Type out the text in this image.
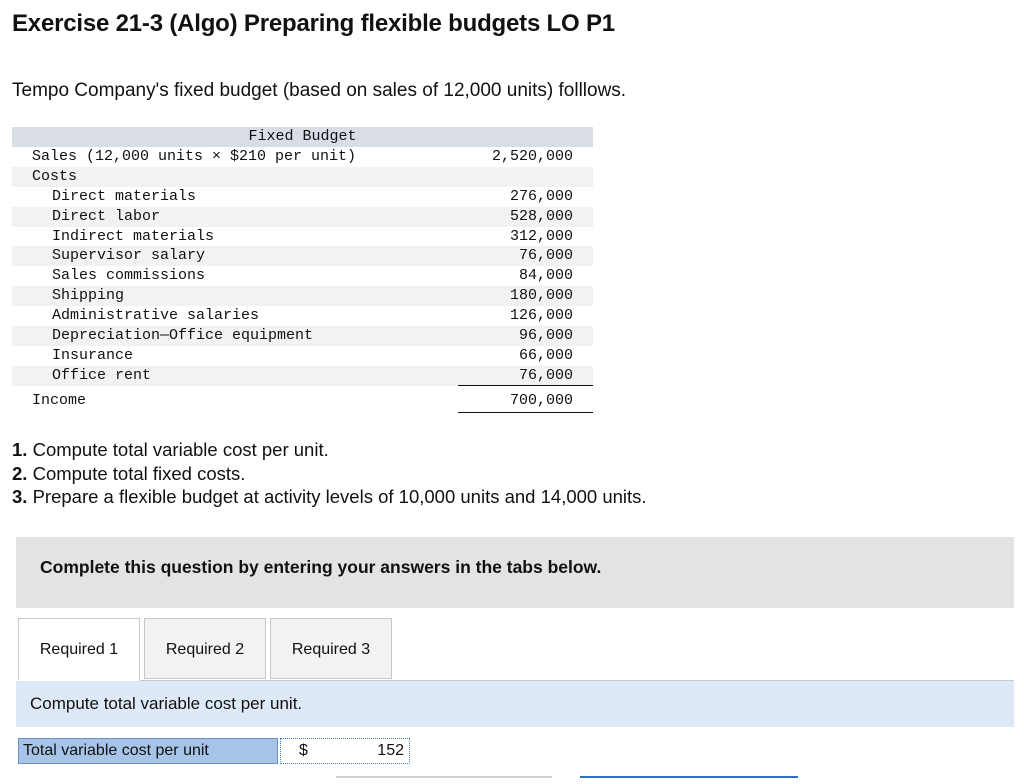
Exercise 21-3 (Algo) Preparing flexible budgets LO P1
Tempo Company's fixed budget (based on sales of 12,000 units) folllows.
Fixed Budget
Sales (12,000 units × $210 per unit)	2,520,000
Costs
Direct materials	276,000
Direct labor	528,000
Indirect materials	312,000
Supervisor salary	76,000
Sales commissions	84,000
Shipping	180,000
Administrative salaries	126,000
Depreciation—Office equipment	96,000
Insurance	66,000
Office rent	76,000
Income	700,000
1. Compute total variable cost per unit.
2. Compute total fixed costs.
3. Prepare a flexible budget at activity levels of 10,000 units and 14,000 units.
Complete this question by entering your answers in the tabs below.
Required 1	Required 2	Required 3
Compute total variable cost per unit.
Total variable cost per unit	$	152
